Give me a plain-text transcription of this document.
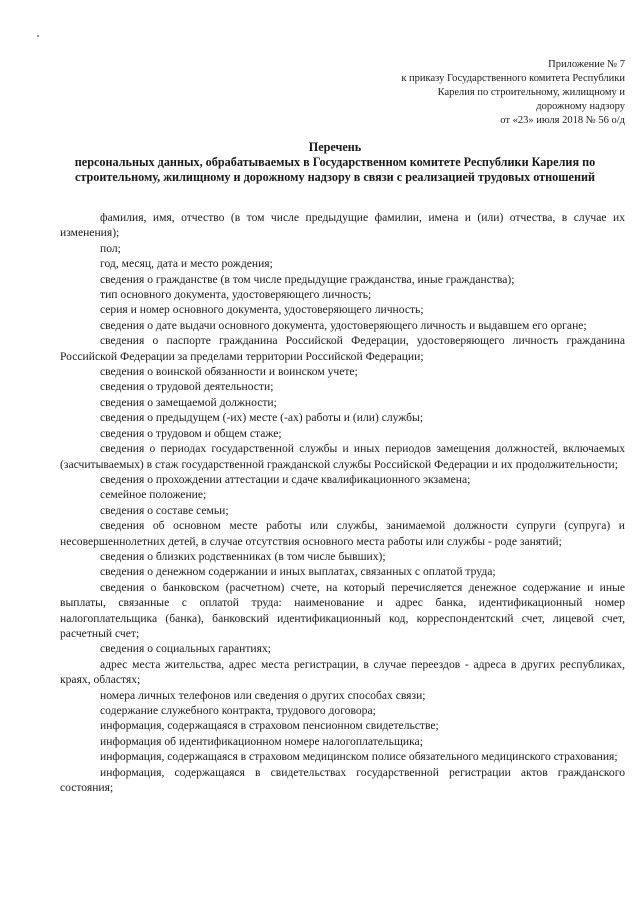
Приложение № 7
к приказу Государственного комитета Республики
Карелия по строительному, жилищному и
дорожному надзору
от «23» июля 2018 № 56 о/д
Перечень
персональных данных, обрабатываемых в Государственном комитете Республики Карелия по строительному, жилищному и дорожному надзору в связи с реализацией трудовых отношений

фамилия, имя, отчество (в том числе предыдущие фамилии, имена и (или) отчества, в случае их изменения);

пол;

год, месяц, дата и место рождения;

сведения о гражданстве (в том числе предыдущие гражданства, иные гражданства);

тип основного документа, удостоверяющего личность;

серия и номер основного документа, удостоверяющего личность;

сведения о дате выдачи основного документа, удостоверяющего личность и выдавшем его органе;

сведения о паспорте гражданина Российской Федерации, удостоверяющего личность гражданина Российской Федерации за пределами территории Российской Федерации;

сведения о воинской обязанности и воинском учете;

сведения о трудовой деятельности;

сведения о замещаемой должности;

сведения о предыдущем (-их) месте (-ах) работы и (или) службы;

сведения о трудовом и общем стаже;

сведения о периодах государственной службы и иных периодов замещения должностей, включаемых (засчитываемых) в стаж государственной гражданской службы Российской Федерации и их продолжительности;

сведения о прохождении аттестации и сдаче квалификационного экзамена;

семейное положение;

сведения о составе семьи;

сведения об основном месте работы или службы, занимаемой должности супруги (супруга) и несовершеннолетних детей, в случае отсутствия основного места работы или службы - роде занятий;

сведения о близких родственниках (в том числе бывших);

сведения о денежном содержании и иных выплатах, связанных с оплатой труда;

сведения о банковском (расчетном) счете, на который перечисляется денежное содержание и иные выплаты, связанные с оплатой труда: наименование и адрес банка, идентификационный номер налогоплательщика (банка), банковский идентификационный код, корреспондентский счет, лицевой счет, расчетный счет;

сведения о социальных гарантиях;

адрес места жительства, адрес места регистрации, в случае переездов - адреса в других республиках, краях, областях;

номера личных телефонов или сведения о других способах связи;

содержание служебного контракта, трудового договора;

информация, содержащаяся в страховом пенсионном свидетельстве;

информация об идентификационном номере налогоплательщика;

информация, содержащаяся в страховом медицинском полисе обязательного медицинского страхования;

информация, содержащаяся в свидетельствах государственной регистрации актов гражданского состояния;
